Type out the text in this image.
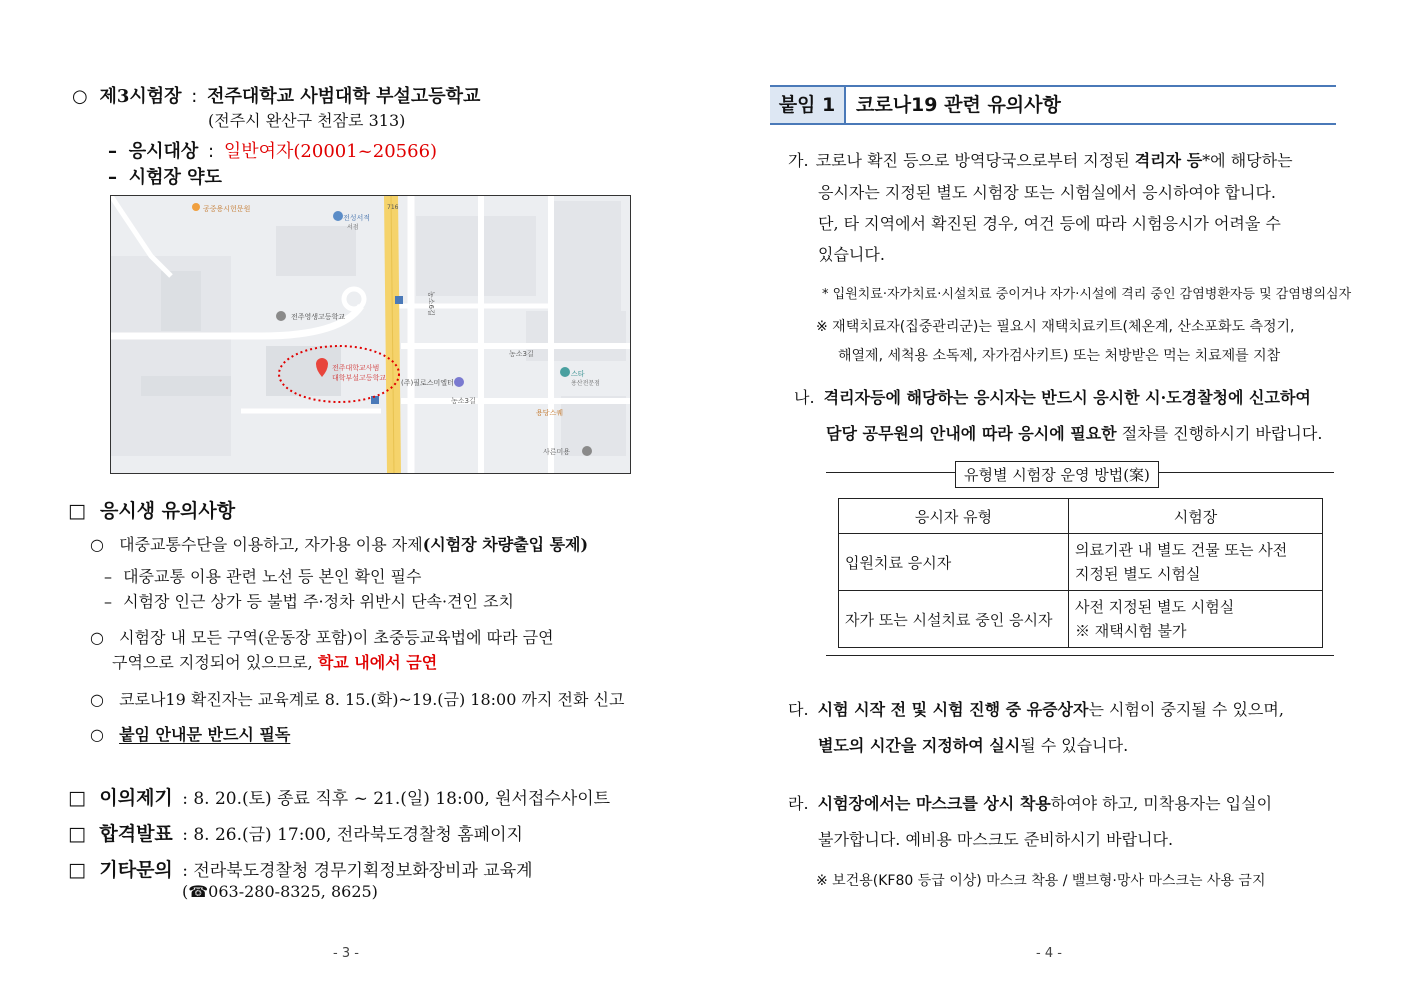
○ 제3시험장 : 전주대학교 사범대학 부설고등학교
(전주시 완산구 천잠로 313)
– 응시대상 : 일반여자(20001~20566)
– 시험장 약도
공중용시헌문원
전성서적
서점
전주영생고등학교
전주대학교사범
대학부설고등학교
(주)필로스미엘터
농소3길
농소3길
스타
용산전문점
용당스퀘
사른미용
716
농소6길
□ 응시생 유의사항
○ 대중교통수단을 이용하고, 자가용 이용 자제(시험장 차량출입 통제)
– 대중교통 이용 관련 노선 등 본인 확인 필수
– 시험장 인근 상가 등 불법 주·정차 위반시 단속·견인 조치
○ 시험장 내 모든 구역(운동장 포함)이 초중등교육법에 따라 금연
구역으로 지정되어 있으므로, 학교 내에서 금연
○ 코로나19 확진자는 교육계로 8. 15.(화)~19.(금) 18:00 까지 전화 신고
○ 붙임 안내문 반드시 필독
□ 이의제기 : 8. 20.(토) 종료 직후 ~ 21.(일) 18:00, 원서접수사이트
□ 합격발표 : 8. 26.(금) 17:00, 전라북도경찰청 홈페이지
□ 기타문의 : 전라북도경찰청 경무기획정보화장비과 교육계
(☎063-280-8325, 8625)
- 3 -
붙임 1	코로나19 관련 유의사항
가. 코로나 확진 등으로 방역당국으로부터 지정된 격리자 등*에 해당하는
응시자는 지정된 별도 시험장 또는 시험실에서 응시하여야 합니다.
단, 타 지역에서 확진된 경우, 여건 등에 따라 시험응시가 어려울 수
있습니다.
* 입원치료·자가치료·시설치료 중이거나 자가·시설에 격리 중인 감염병환자등 및 감염병의심자
※ 재택치료자(집중관리군)는 필요시 재택치료키트(체온계, 산소포화도 측정기,
해열제, 세척용 소독제, 자가검사키트) 또는 처방받은 먹는 치료제를 지참
나. 격리자등에 해당하는 응시자는 반드시 응시한 시·도경찰청에 신고하여
담당 공무원의 안내에 따라 응시에 필요한 절차를 진행하시기 바랍니다.
유형별 시험장 운영 방법(案)
응시자 유형	시험장
입원치료 응시자	의료기관 내 별도 건물 또는 사전
지정된 별도 시험실

자가 또는 시설치료 중인 응시자	사전 지정된 별도 시험실
※ 재택시험 불가
다. 시험 시작 전 및 시험 진행 중 유증상자는 시험이 중지될 수 있으며,
별도의 시간을 지정하여 실시될 수 있습니다.
라. 시험장에서는 마스크를 상시 착용하여야 하고, 미착용자는 입실이
불가합니다. 예비용 마스크도 준비하시기 바랍니다.
※ 보건용(KF80 등급 이상) 마스크 착용 / 밸브형·망사 마스크는 사용 금지
- 4 -
